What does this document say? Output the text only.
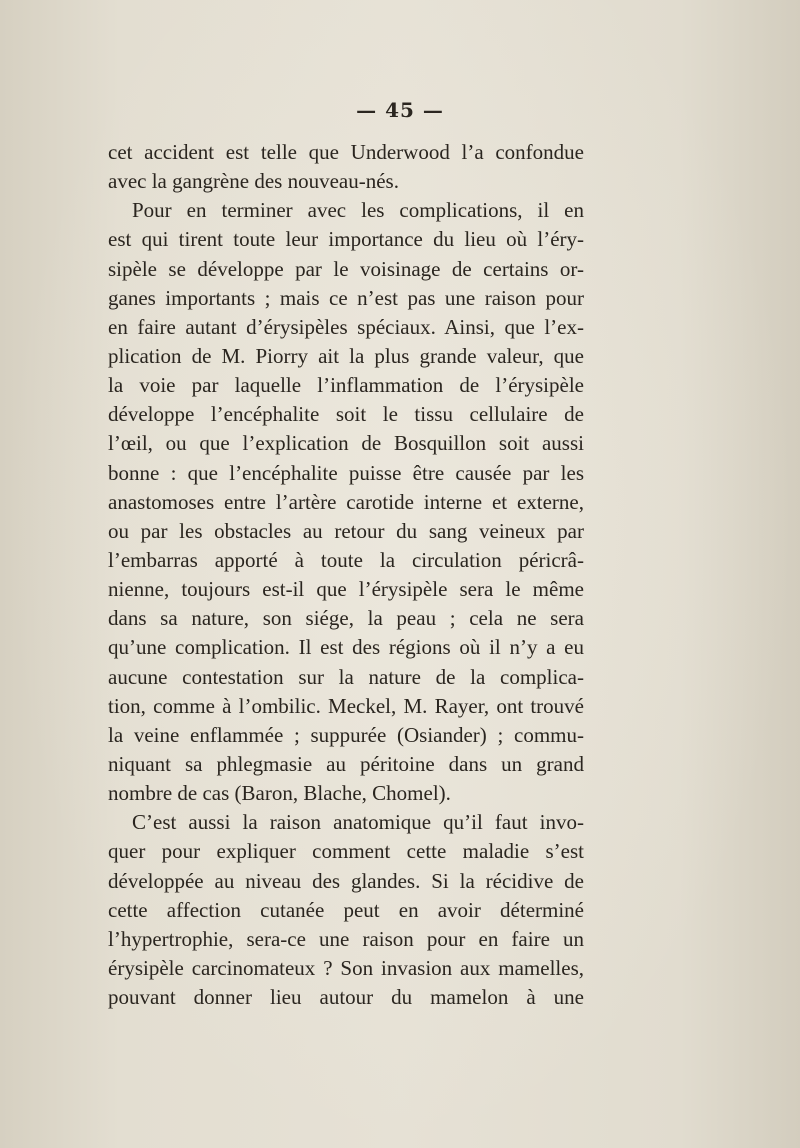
— 45 —
cet accident est telle que Underwood l’a confondue
avec la gangrène des nouveau-nés.
Pour en terminer avec les complications, il en
est qui tirent toute leur importance du lieu où l’éry-
sipèle se développe par le voisinage de certains or-
ganes importants ; mais ce n’est pas une raison pour
en faire autant d’érysipèles spéciaux. Ainsi, que l’ex-
plication de M. Piorry ait la plus grande valeur, que
la voie par laquelle l’inflammation de l’érysipèle
développe l’encéphalite soit le tissu cellulaire de
l’œil, ou que l’explication de Bosquillon soit aussi
bonne : que l’encéphalite puisse être causée par les
anastomoses entre l’artère carotide interne et externe,
ou par les obstacles au retour du sang veineux par
l’embarras apporté à toute la circulation péricrâ-
nienne, toujours est-il que l’érysipèle sera le même
dans sa nature, son siége, la peau ; cela ne sera
qu’une complication. Il est des régions où il n’y a eu
aucune contestation sur la nature de la complica-
tion, comme à l’ombilic. Meckel, M. Rayer, ont trouvé
la veine enflammée ; suppurée (Osiander) ; commu-
niquant sa phlegmasie au péritoine dans un grand
nombre de cas (Baron, Blache, Chomel).
C’est aussi la raison anatomique qu’il faut invo-
quer pour expliquer comment cette maladie s’est
développée au niveau des glandes. Si la récidive de
cette affection cutanée peut en avoir déterminé
l’hypertrophie, sera-ce une raison pour en faire un
érysipèle carcinomateux ? Son invasion aux mamelles,
pouvant donner lieu autour du mamelon à une
